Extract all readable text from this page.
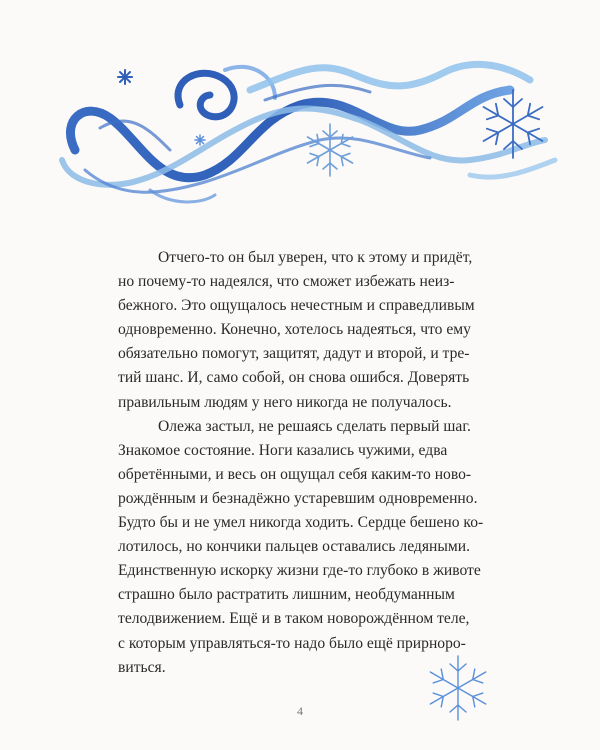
Отчего-то он был уверен, что к этому и придёт,
но почему-то надеялся, что сможет избежать неиз-
бежного. Это ощущалось нечестным и справедливым
одновременно. Конечно, хотелось надеяться, что ему
обязательно помогут, защитят, дадут и второй, и тре-
тий шанс. И, само собой, он снова ошибся. Доверять
правильным людям у него никогда не получалось.
Олежа застыл, не решаясь сделать первый шаг.
Знакомое состояние. Ноги казались чужими, едва
обретёнными, и весь он ощущал себя каким-то ново-
рождённым и безнадёжно устаревшим одновременно.
Будто бы и не умел никогда ходить. Сердце бешено ко-
лотилось, но кончики пальцев оставались ледяными.
Единственную искорку жизни где-то глубоко в животе
страшно было растратить лишним, необдуманным
телодвижением. Ещё и в таком новорождённом теле,
с которым управляться-то надо было ещё прирноро-
виться.
4
